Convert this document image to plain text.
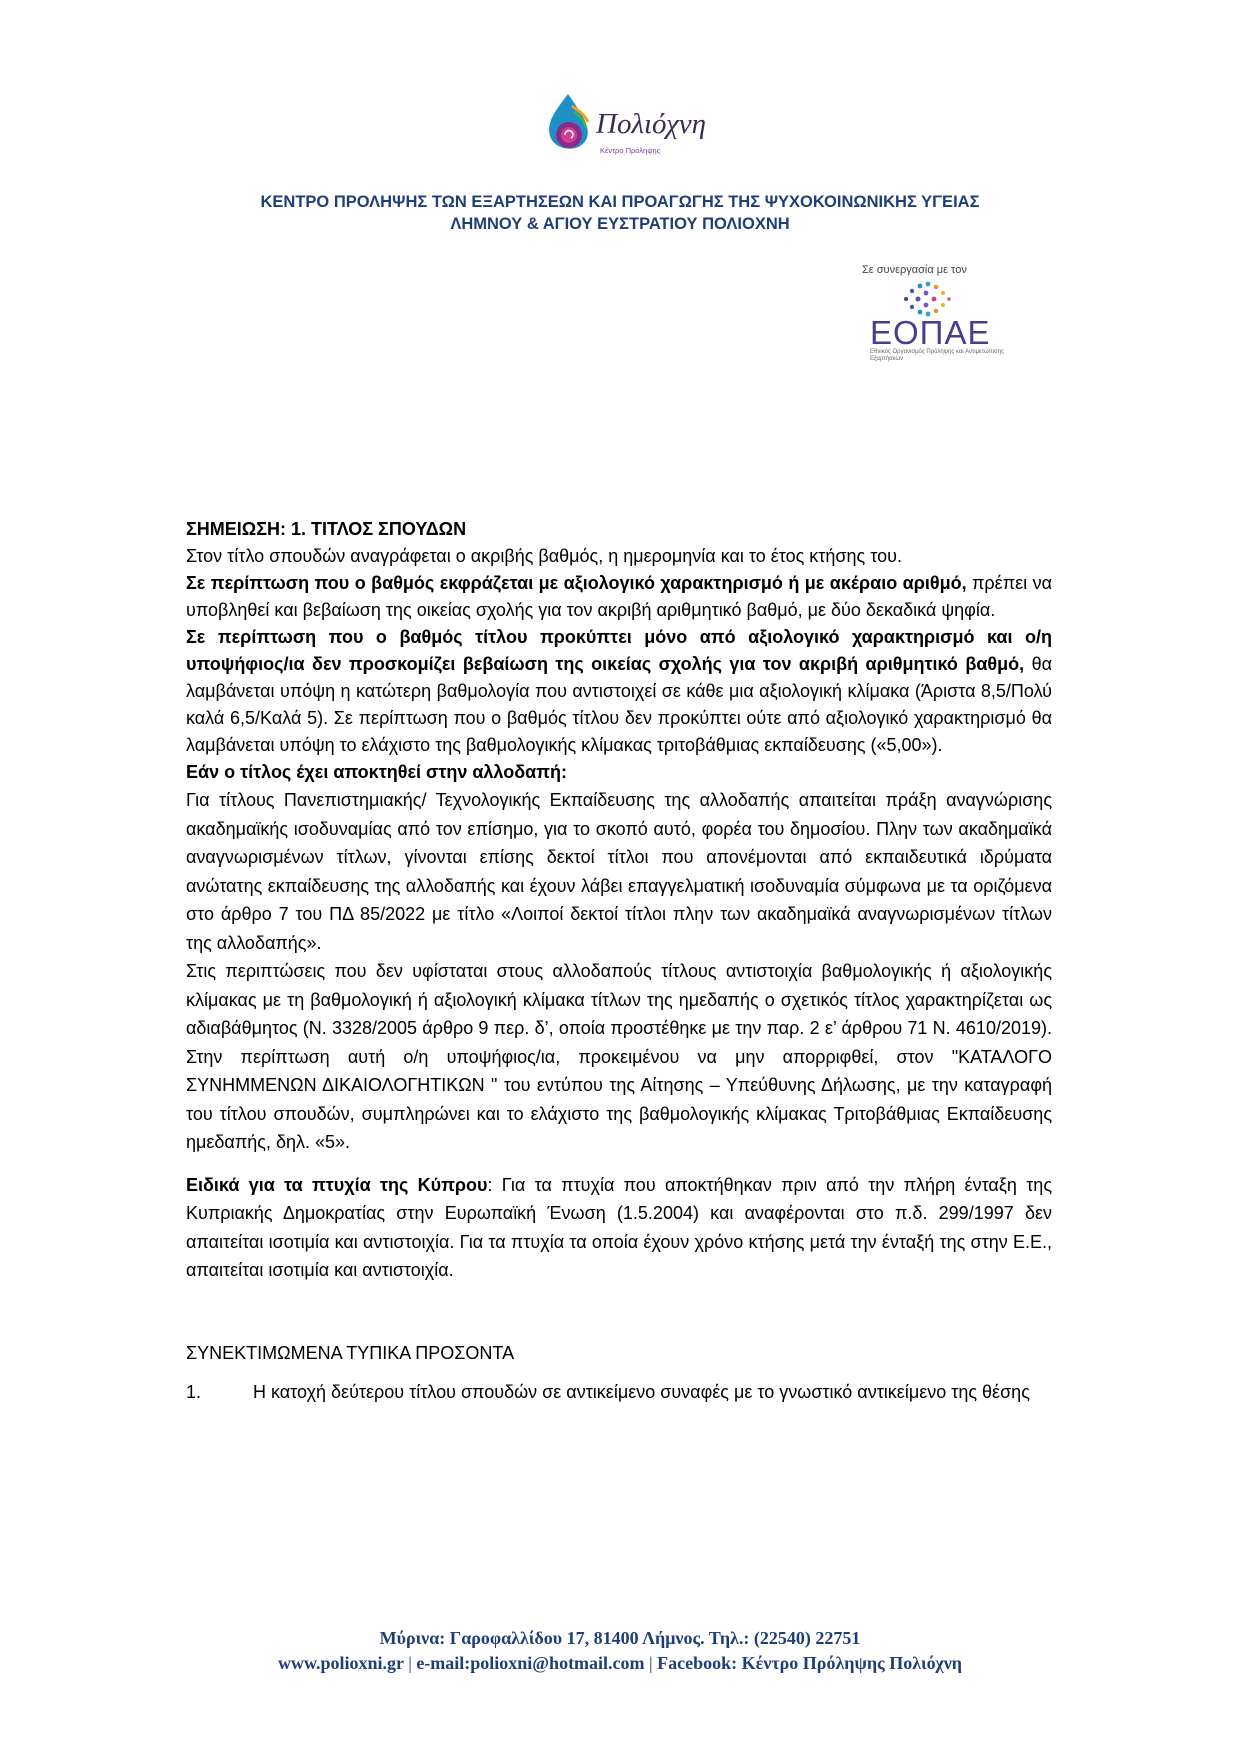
Πολιόχνη
Κέντρο Πρόληψης
ΚΕΝΤΡΟ ΠΡΟΛΗΨΗΣ ΤΩΝ ΕΞΑΡΤΗΣΕΩΝ ΚΑΙ ΠΡΟΑΓΩΓΗΣ ΤΗΣ ΨΥΧΟΚΟΙΝΩΝΙΚΗΣ ΥΓΕΙΑΣ
ΛΗΜΝΟΥ & ΑΓΙΟΥ ΕΥΣΤΡΑΤΙΟΥ ΠΟΛΙΟΧΝΗ
Σε συνεργασία με τον
ΕΟΠΑΕ
Εθνικός Οργανισμός Πρόληψης και Αντιμετώπισης Εξαρτήσεων

ΣΗΜΕΙΩΣΗ: 1. ΤΙΤΛΟΣ ΣΠΟΥΔΩΝ

Στον τίτλο σπουδών αναγράφεται ο ακριβής βαθμός, η ημερομηνία και το έτος κτήσης του.

Σε περίπτωση που ο βαθμός εκφράζεται με αξιολογικό χαρακτηρισμό ή με ακέραιο αριθμό, πρέπει να υποβληθεί και βεβαίωση της οικείας σχολής για τον ακριβή αριθμητικό βαθμό, με δύο δεκαδικά ψηφία.

Σε περίπτωση που ο βαθμός τίτλου προκύπτει μόνο από αξιολογικό χαρακτηρισμό και ο/η υποψήφιος/ια δεν προσκομίζει βεβαίωση της οικείας σχολής για τον ακριβή αριθμητικό βαθμό, θα λαμβάνεται υπόψη η κατώτερη βαθμολογία που αντιστοιχεί σε κάθε μια αξιολογική κλίμακα (Άριστα 8,5/Πολύ καλά 6,5/Καλά 5). Σε περίπτωση που ο βαθμός τίτλου δεν προκύπτει ούτε από αξιολογικό χαρακτηρισμό θα λαμβάνεται υπόψη το ελάχιστο της βαθμολογικής κλίμακας τριτοβάθμιας εκπαίδευσης («5,00»).

Εάν ο τίτλος έχει αποκτηθεί στην αλλοδαπή:

Για τίτλους Πανεπιστημιακής/ Τεχνολογικής Εκπαίδευσης της αλλοδαπής απαιτείται πράξη αναγνώρισης ακαδημαϊκής ισοδυναμίας από τον επίσημο, για το σκοπό αυτό, φορέα του δημοσίου. Πλην των ακαδημαϊκά αναγνωρισμένων τίτλων, γίνονται επίσης δεκτοί τίτλοι που απονέμονται από εκπαιδευτικά ιδρύματα ανώτατης εκπαίδευσης της αλλοδαπής και έχουν λάβει επαγγελματική ισοδυναμία σύμφωνα με τα οριζόμενα στο άρθρο 7 του ΠΔ 85/2022 με τίτλο «Λοιποί δεκτοί τίτλοι πλην των ακαδημαϊκά αναγνωρισμένων τίτλων της αλλοδαπής».

Στις περιπτώσεις που δεν υφίσταται στους αλλοδαπούς τίτλους αντιστοιχία βαθμολογικής ή αξιολογικής κλίμακας με τη βαθμολογική ή αξιολογική κλίμακα τίτλων της ημεδαπής ο σχετικός τίτλος χαρακτηρίζεται ως αδιαβάθμητος (Ν. 3328/2005 άρθρο 9 περ. δ’, οποία προστέθηκε με την παρ. 2 ε’ άρθρου 71 Ν. 4610/2019). Στην περίπτωση αυτή ο/η υποψήφιος/ια, προκειμένου να μην απορριφθεί, στον "ΚΑΤΑΛΟΓΟ ΣΥΝΗΜΜΕΝΩΝ ΔΙΚΑΙΟΛΟΓΗΤΙΚΩΝ " του εντύπου της Αίτησης – Υπεύθυνης Δήλωσης, με την καταγραφή του τίτλου σπουδών, συμπληρώνει και το ελάχιστο της βαθμολογικής κλίμακας Τριτοβάθμιας Εκπαίδευσης ημεδαπής, δηλ. «5».

Ειδικά για τα πτυχία της Κύπρου: Για τα πτυχία που αποκτήθηκαν πριν από την πλήρη ένταξη της Κυπριακής Δημοκρατίας στην Ευρωπαϊκή Ένωση (1.5.2004) και αναφέρονται στο π.δ. 299/1997 δεν απαιτείται ισοτιμία και αντιστοιχία. Για τα πτυχία τα οποία έχουν χρόνο κτήσης μετά την ένταξή της στην Ε.Ε., απαιτείται ισοτιμία και αντιστοιχία.

ΣΥΝΕΚΤΙΜΩΜΕΝΑ ΤΥΠΙΚΑ ΠΡΟΣΟΝΤΑ

1.	Η κατοχή δεύτερου τίτλου σπουδών σε αντικείμενο συναφές με το γνωστικό αντικείμενο της θέσης

Μύρινα: Γαροφαλλίδου 17, 81400 Λήμνος. Τηλ.: (22540) 22751
www.polioxni.gr | e-mail:polioxni@hotmail.com | Facebook: Κέντρο Πρόληψης Πολιόχνη
